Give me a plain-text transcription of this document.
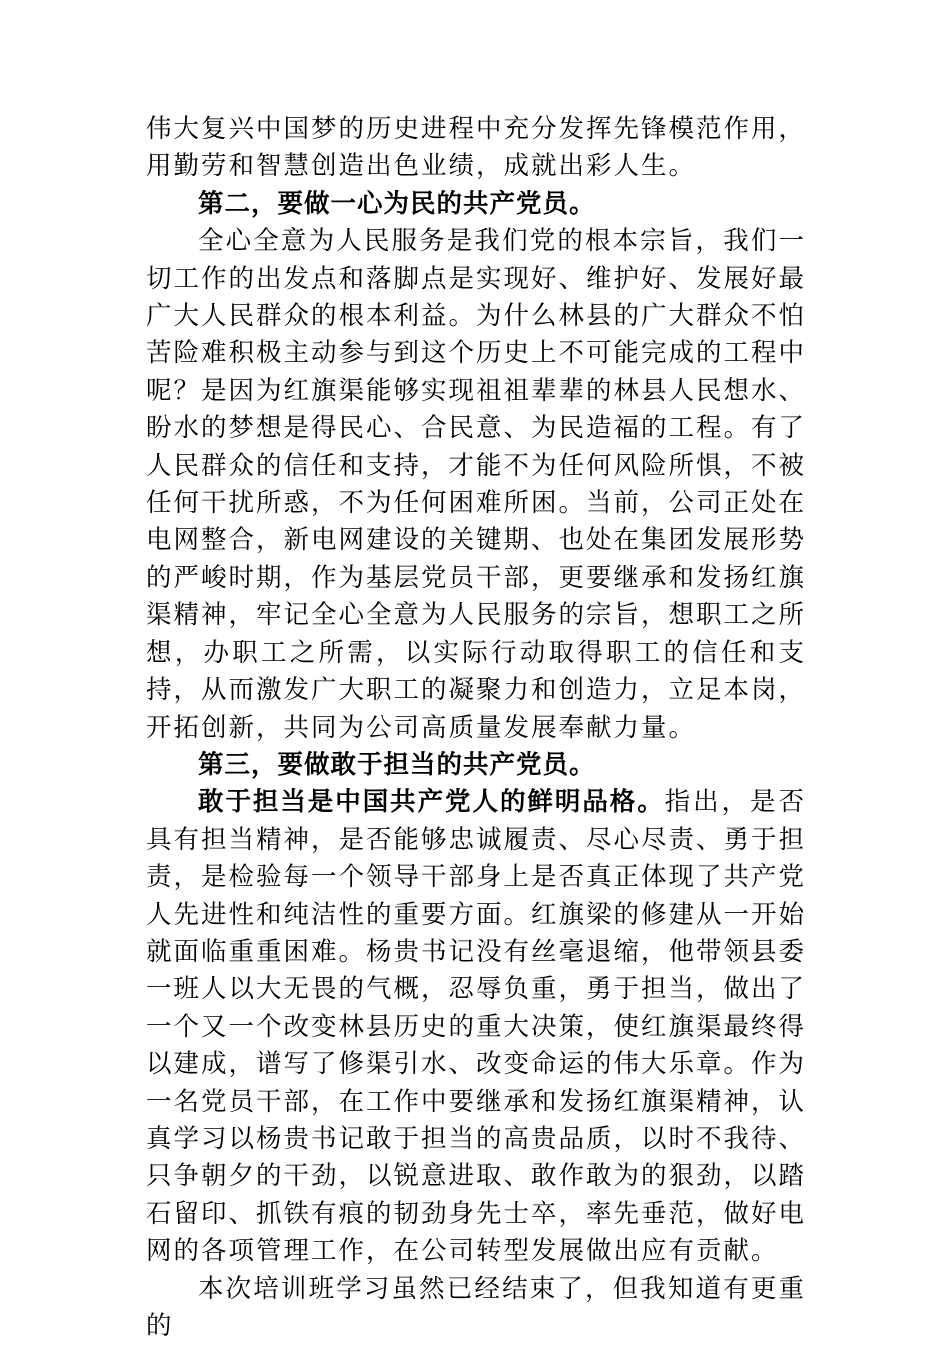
伟大复兴中国梦的历史进程中充分发挥先锋模范作用，用勤劳和智慧创造出色业绩，成就出彩人生。

第二，要做一心为民的共产党员。

全心全意为人民服务是我们党的根本宗旨，我们一切工作的出发点和落脚点是实现好、维护好、发展好最广大人民群众的根本利益。为什么林县的广大群众不怕苦险难积极主动参与到这个历史上不可能完成的工程中呢？是因为红旗渠能够实现祖祖辈辈的林县人民想水、盼水的梦想是得民心、合民意、为民造福的工程。有了人民群众的信任和支持，才能不为任何风险所惧，不被任何干扰所惑，不为任何困难所困。当前，公司正处在电网整合，新电网建设的关键期、也处在集团发展形势的严峻时期，作为基层党员干部，更要继承和发扬红旗渠精神，牢记全心全意为人民服务的宗旨，想职工之所想，办职工之所需，以实际行动取得职工的信任和支持，从而激发广大职工的凝聚力和创造力，立足本岗，开拓创新，共同为公司高质量发展奉献力量。

第三，要做敢于担当的共产党员。

敢于担当是中国共产党人的鲜明品格。指出，是否具有担当精神，是否能够忠诚履责、尽心尽责、勇于担责，是检验每一个领导干部身上是否真正体现了共产党人先进性和纯洁性的重要方面。红旗梁的修建从一开始就面临重重困难。杨贵书记没有丝毫退缩，他带领县委一班人以大无畏的气概，忍辱负重，勇于担当，做出了一个又一个改变林县历史的重大决策，使红旗渠最终得以建成，谱写了修渠引水、改变命运的伟大乐章。作为一名党员干部，在工作中要继承和发扬红旗渠精神，认真学习以杨贵书记敢于担当的高贵品质，以时不我待、只争朝夕的干劲，以锐意进取、敢作敢为的狠劲，以踏石留印、抓铁有痕的韧劲身先士卒，率先垂范，做好电网的各项管理工作，在公司转型发展做出应有贡献。

本次培训班学习虽然已经结束了，但我知道有更重的
